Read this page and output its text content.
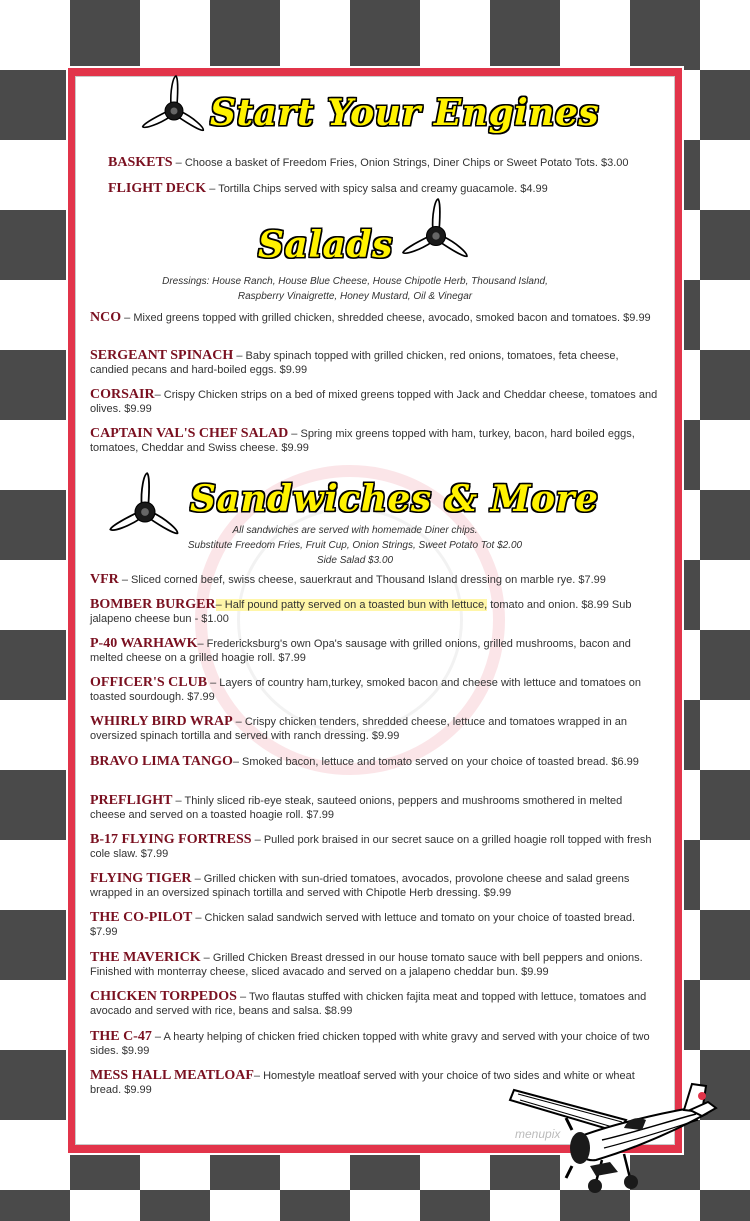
Start Your Engines
BASKETS – Choose a basket of Freedom Fries, Onion Strings, Diner Chips or Sweet Potato Tots. $3.00
FLIGHT DECK – Tortilla Chips served with spicy salsa and creamy guacamole. $4.99
Salads
Dressings: House Ranch, House Blue Cheese, House Chipotle Herb, Thousand Island, Raspberry Vinaigrette, Honey Mustard, Oil & Vinegar
NCO – Mixed greens topped with grilled chicken, shredded cheese, avocado, smoked bacon and tomatoes. $9.99
SERGEANT SPINACH – Baby spinach topped with grilled chicken, red onions, tomatoes, feta cheese, candied pecans and hard-boiled eggs. $9.99
CORSAIR– Crispy Chicken strips on a bed of mixed greens topped with Jack and Cheddar cheese, tomatoes and olives. $9.99
CAPTAIN VAL'S CHEF SALAD – Spring mix greens topped with ham, turkey, bacon, hard boiled eggs, tomatoes, Cheddar and Swiss cheese. $9.99
Sandwiches & More
All sandwiches are served with homemade Diner chips.
Substitute Freedom Fries, Fruit Cup, Onion Strings, Sweet Potato Tot $2.00
Side Salad $3.00
VFR – Sliced corned beef, swiss cheese, sauerkraut and Thousand Island dressing on marble rye. $7.99
BOMBER BURGER– Half pound patty served on a toasted bun with lettuce, tomato and onion. $8.99 Sub jalapeno cheese bun - $1.00
P-40 WARHAWK– Fredericksburg's own Opa's sausage with grilled onions, grilled mushrooms, bacon and melted cheese on a grilled hoagie roll. $7.99
OFFICER'S CLUB – Layers of country ham,turkey, smoked bacon and cheese with lettuce and tomatoes on toasted sourdough. $7.99
WHIRLY BIRD WRAP – Crispy chicken tenders, shredded cheese, lettuce and tomatoes wrapped in an oversized spinach tortilla and served with ranch dressing. $9.99
BRAVO LIMA TANGO– Smoked bacon, lettuce and tomato served on your choice of toasted bread. $6.99
PREFLIGHT – Thinly sliced rib-eye steak, sauteed onions, peppers and mushrooms smothered in melted cheese and served on a toasted hoagie roll. $7.99
B-17 FLYING FORTRESS – Pulled pork braised in our secret sauce on a grilled hoagie roll topped with fresh cole slaw. $7.99
FLYING TIGER – Grilled chicken with sun-dried tomatoes, avocados, provolone cheese and salad greens wrapped in an oversized spinach tortilla and served with Chipotle Herb dressing. $9.99
THE CO-PILOT – Chicken salad sandwich served with lettuce and tomato on your choice of toasted bread. $7.99
THE MAVERICK – Grilled Chicken Breast dressed in our house tomato sauce with bell peppers and onions. Finished with monterray cheese, sliced avacado and served on a jalapeno cheddar bun. $9.99
CHICKEN TORPEDOS – Two flautas stuffed with chicken fajita meat and topped with lettuce, tomatoes and avocado and served with rice, beans and salsa. $8.99
THE C-47 – A hearty helping of chicken fried chicken topped with white gravy and served with your choice of two sides. $9.99
MESS HALL MEATLOAF– Homestyle meatloaf served with your choice of two sides and white or wheat bread. $9.99
menupix
